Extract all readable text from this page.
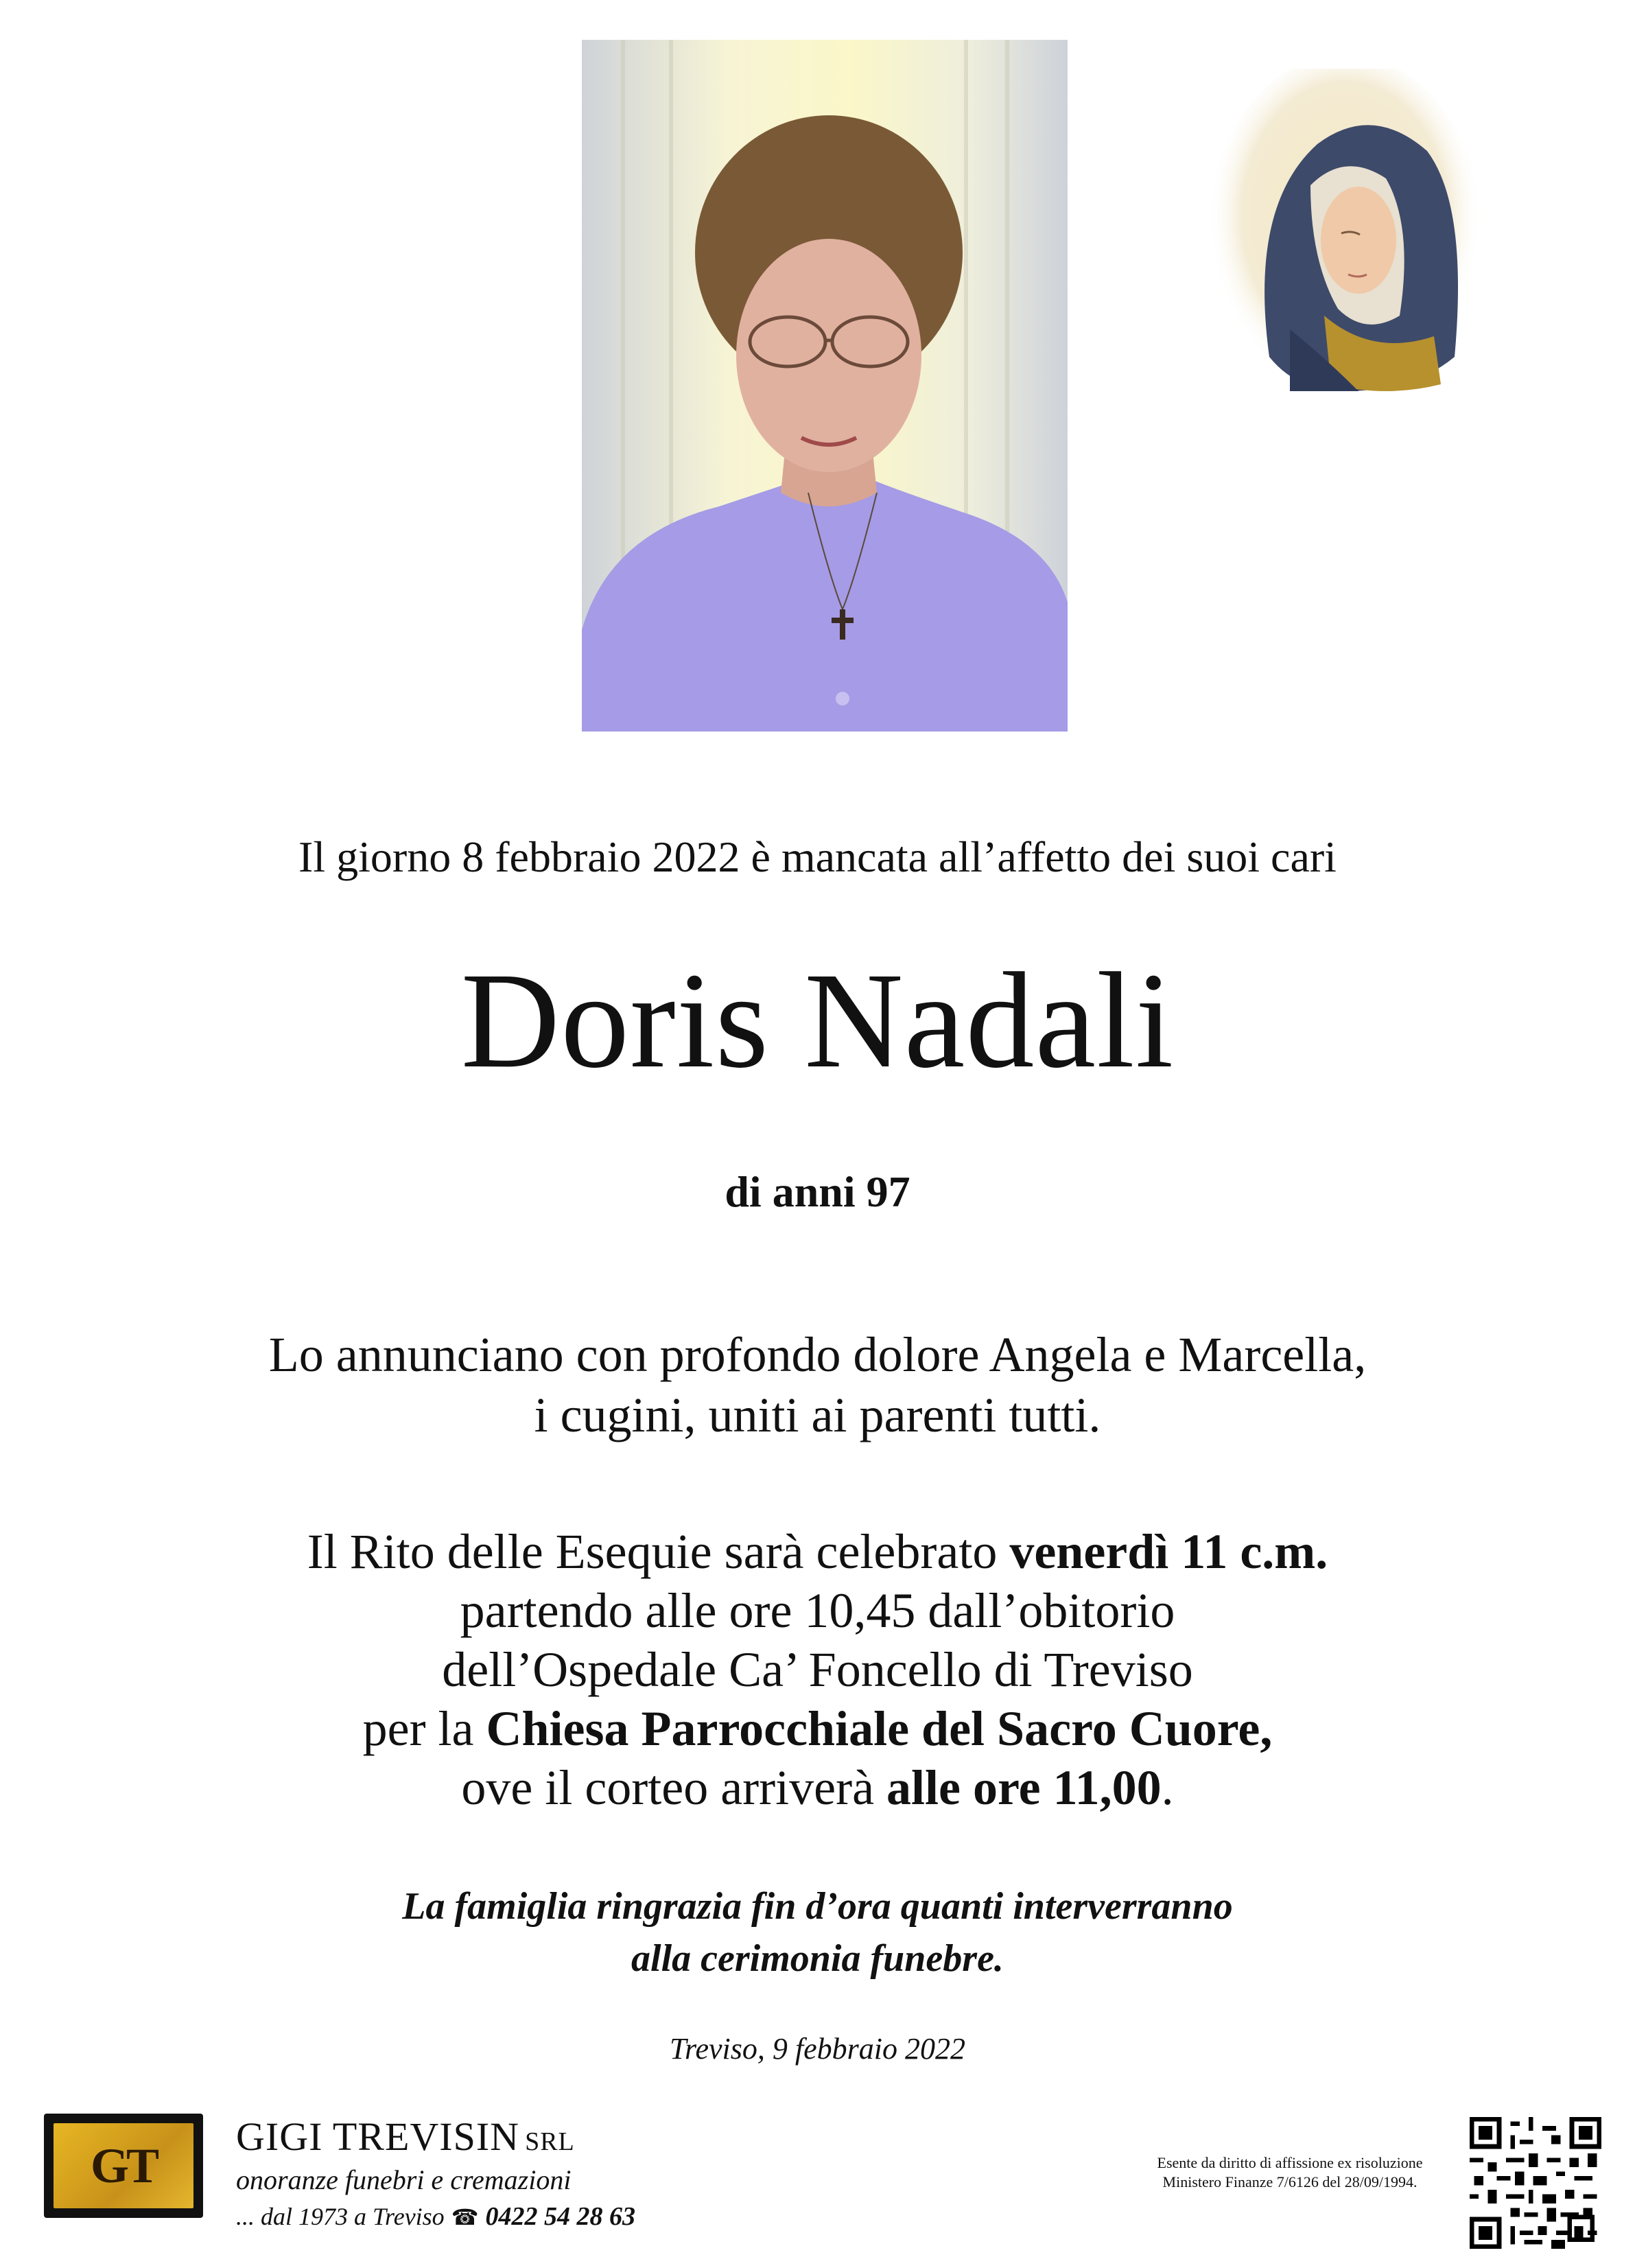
Il giorno 8 febbraio 2022 è mancata all’affetto dei suoi cari
Doris Nadali
di anni 97
Lo annunciano con profondo dolore Angela e Marcella,
i cugini, uniti ai parenti tutti.
Il Rito delle Esequie sarà celebrato venerdì 11 c.m.
partendo alle ore 10,45 dall’obitorio
dell’Ospedale Ca’ Foncello di Treviso
per la Chiesa Parrocchiale del Sacro Cuore,
ove il corteo arriverà alle ore 11,00.
La famiglia ringrazia fin d’ora quanti interverranno
alla cerimonia funebre.
Treviso, 9 febbraio 2022
GT
GIGI TREVISIN SRL
onoranze funebri e cremazioni
... dal 1973 a Treviso ☎ 0422 54 28 63
Esente da diritto di affissione ex risoluzione
Ministero Finanze 7/6126 del 28/09/1994.
